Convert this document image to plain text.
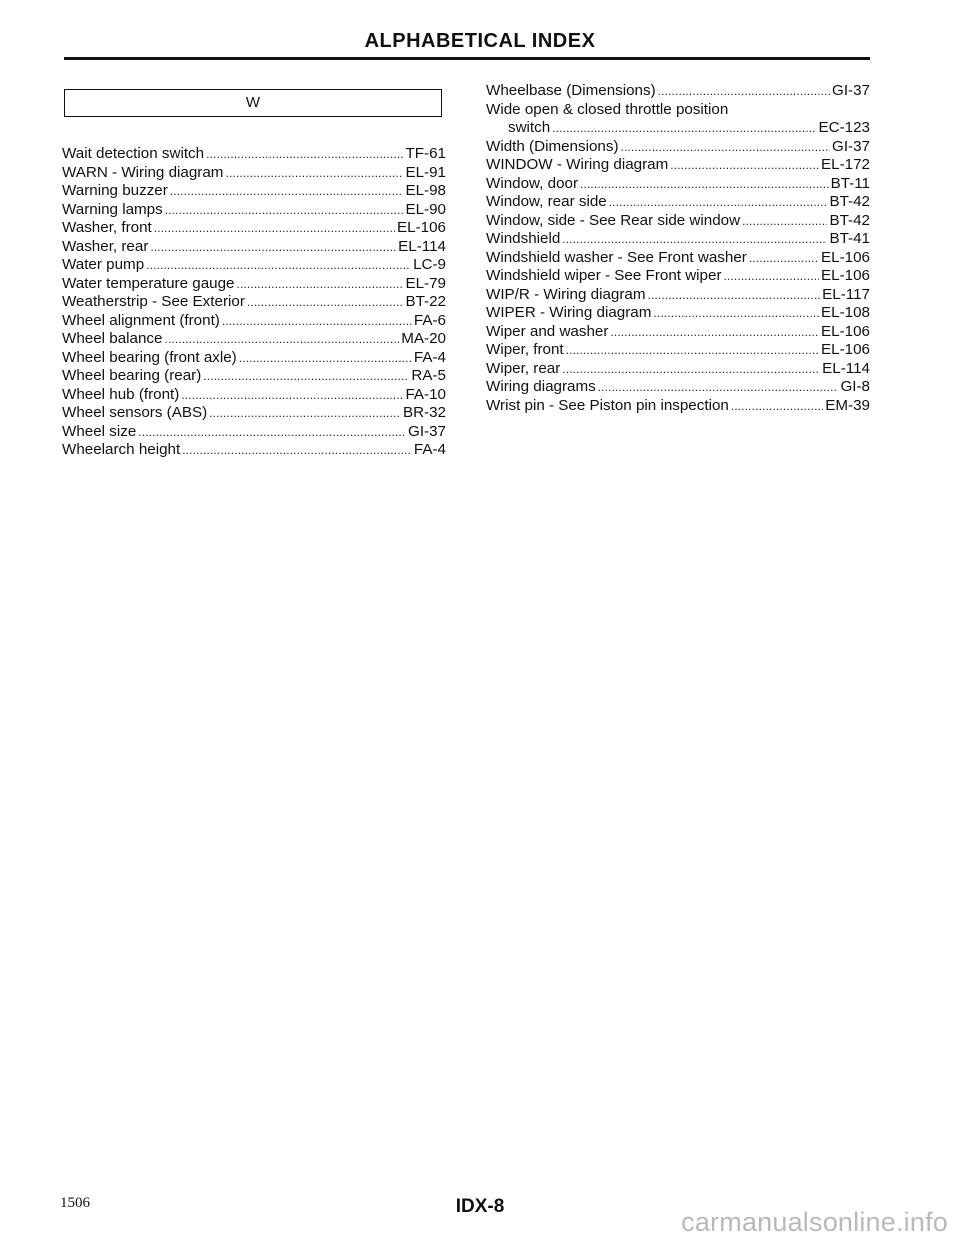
ALPHABETICAL INDEX
W
Wait detection switch . . .	TF-61
WARN - Wiring diagram . . .	EL-91
Warning buzzer . . .	EL-98
Warning lamps . . .	EL-90
Washer, front . . .	EL-106
Washer, rear . . .	EL-114
Water pump . . .	LC-9
Water temperature gauge . . .	EL-79
Weatherstrip - See Exterior . . .	BT-22
Wheel alignment (front) . . .	FA-6
Wheel balance . . .	MA-20
Wheel bearing (front axle) . . .	FA-4
Wheel bearing (rear) . . .	RA-5
Wheel hub (front) . . .	FA-10
Wheel sensors (ABS) . . .	BR-32
Wheel size . . .	GI-37
Wheelarch height . . .	FA-4
Wheelbase (Dimensions) . . .	GI-37
Wide open & closed throttle position
switch . . .	EC-123
Width (Dimensions) . . .	GI-37
WINDOW - Wiring diagram . . .	EL-172
Window, door . . .	BT-11
Window, rear side . . .	BT-42
Window, side - See Rear side window . . .	BT-42
Windshield . . .	BT-41
Windshield washer - See Front washer . . .	EL-106
Windshield wiper - See Front wiper . . .	EL-106
WIP/R - Wiring diagram . . .	EL-117
WIPER - Wiring diagram . . .	EL-108
Wiper and washer . . .	EL-106
Wiper, front . . .	EL-106
Wiper, rear . . .	EL-114
Wiring diagrams . . .	GI-8
Wrist pin - See Piston pin inspection . . .	EM-39
1506	IDX-8
carmanualsonline.info
